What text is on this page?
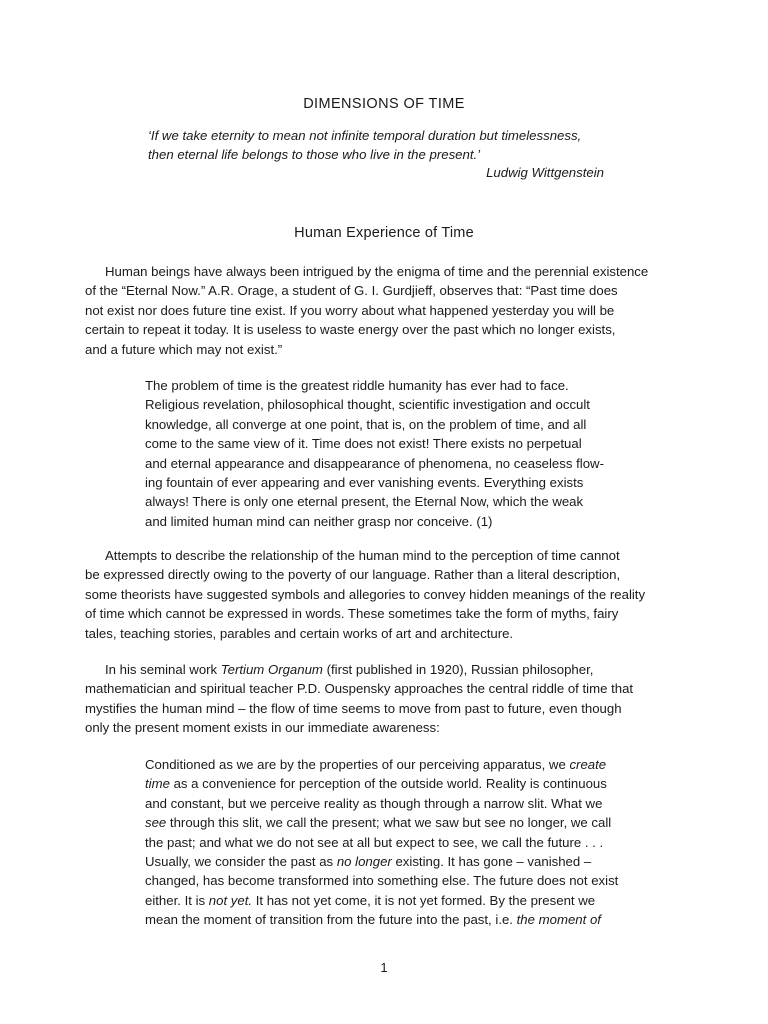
DIMENSIONS OF TIME
‘If we take eternity to mean not infinite temporal duration but timelessness,
then eternal life belongs to those who live in the present.’
Ludwig Wittgenstein
Human Experience of Time
Human beings have always been intrigued by the enigma of time and the perennial existence
of the “Eternal Now.” A.R. Orage, a student of G. I. Gurdjieff, observes that: “Past time does
not exist nor does future tine exist. If you worry about what happened yesterday you will be
certain to repeat it today. It is useless to waste energy over the past which no longer exists,
and a future which may not exist.”
The problem of time is the greatest riddle humanity has ever had to face.
Religious revelation, philosophical thought, scientific investigation and occult
knowledge, all converge at one point, that is, on the problem of time, and all
come to the same view of it. Time does not exist! There exists no perpetual
and eternal appearance and disappearance of phenomena, no ceaseless flow-
ing fountain of ever appearing and ever vanishing events. Everything exists
always! There is only one eternal present, the Eternal Now, which the weak
and limited human mind can neither grasp nor conceive. (1)
Attempts to describe the relationship of the human mind to the perception of time cannot
be expressed directly owing to the poverty of our language. Rather than a literal description,
some theorists have suggested symbols and allegories to convey hidden meanings of the reality
of time which cannot be expressed in words. These sometimes take the form of myths, fairy
tales, teaching stories, parables and certain works of art and architecture.
In his seminal work Tertium Organum (first published in 1920), Russian philosopher,
mathematician and spiritual teacher P.D. Ouspensky approaches the central riddle of time that
mystifies the human mind – the flow of time seems to move from past to future, even though
only the present moment exists in our immediate awareness:
Conditioned as we are by the properties of our perceiving apparatus, we create
time as a convenience for perception of the outside world. Reality is continuous
and constant, but we perceive reality as though through a narrow slit. What we
see through this slit, we call the present; what we saw but see no longer, we call
the past; and what we do not see at all but expect to see, we call the future . . .
Usually, we consider the past as no longer existing. It has gone – vanished –
changed, has become transformed into something else. The future does not exist
either. It is not yet. It has not yet come, it is not yet formed. By the present we
mean the moment of transition from the future into the past, i.e. the moment of
1
